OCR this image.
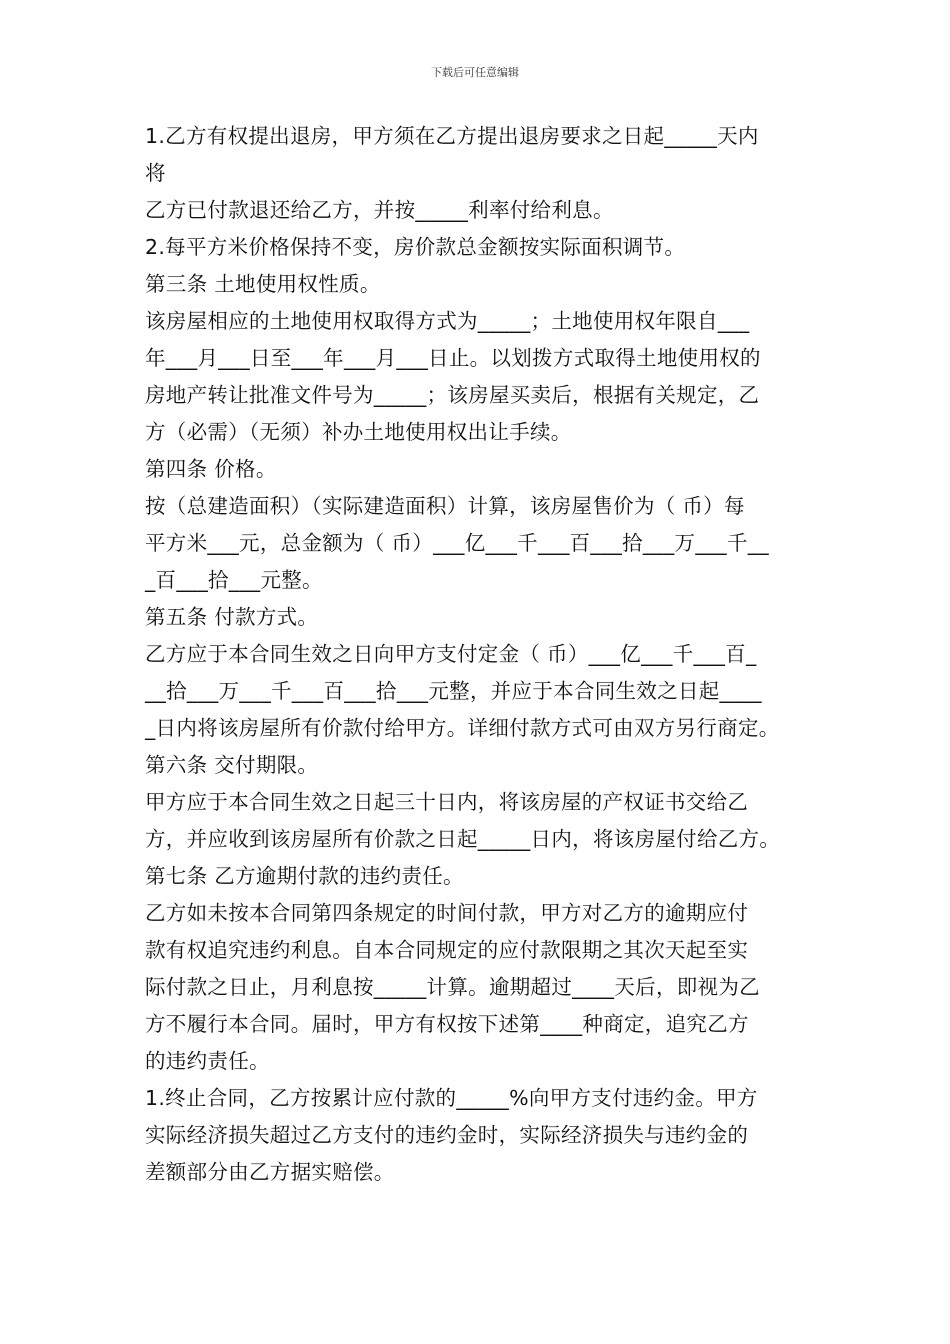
下载后可任意编辑
1.乙方有权提出退房，甲方须在乙方提出退房要求之日起_____天内
将
乙方已付款退还给乙方，并按_____利率付给利息。
2.每平方米价格保持不变，房价款总金额按实际面积调节。
第三条 土地使用权性质。
该房屋相应的土地使用权取得方式为_____；土地使用权年限自___
年___月___日至___年___月___日止。以划拨方式取得土地使用权的
房地产转让批准文件号为_____；该房屋买卖后，根据有关规定，乙
方（必需）（无须）补办土地使用权出让手续。
第四条 价格。
按（总建造面积）（实际建造面积）计算，该房屋售价为（ 币）每
平方米___元，总金额为（ 币）___亿___千___百___拾___万___千__
_百___拾___元整。
第五条 付款方式。
乙方应于本合同生效之日向甲方支付定金（ 币）___亿___千___百_
__拾___万___千___百___拾___元整，并应于本合同生效之日起____
_日内将该房屋所有价款付给甲方。详细付款方式可由双方另行商定。
第六条 交付期限。
甲方应于本合同生效之日起三十日内，将该房屋的产权证书交给乙
方，并应收到该房屋所有价款之日起_____日内，将该房屋付给乙方。
第七条 乙方逾期付款的违约责任。
乙方如未按本合同第四条规定的时间付款，甲方对乙方的逾期应付
款有权追究违约利息。自本合同规定的应付款限期之其次天起至实
际付款之日止，月利息按_____计算。逾期超过____天后，即视为乙
方不履行本合同。届时，甲方有权按下述第____种商定，追究乙方
的违约责任。
1.终止合同，乙方按累计应付款的_____%向甲方支付违约金。甲方
实际经济损失超过乙方支付的违约金时，实际经济损失与违约金的
差额部分由乙方据实赔偿。
